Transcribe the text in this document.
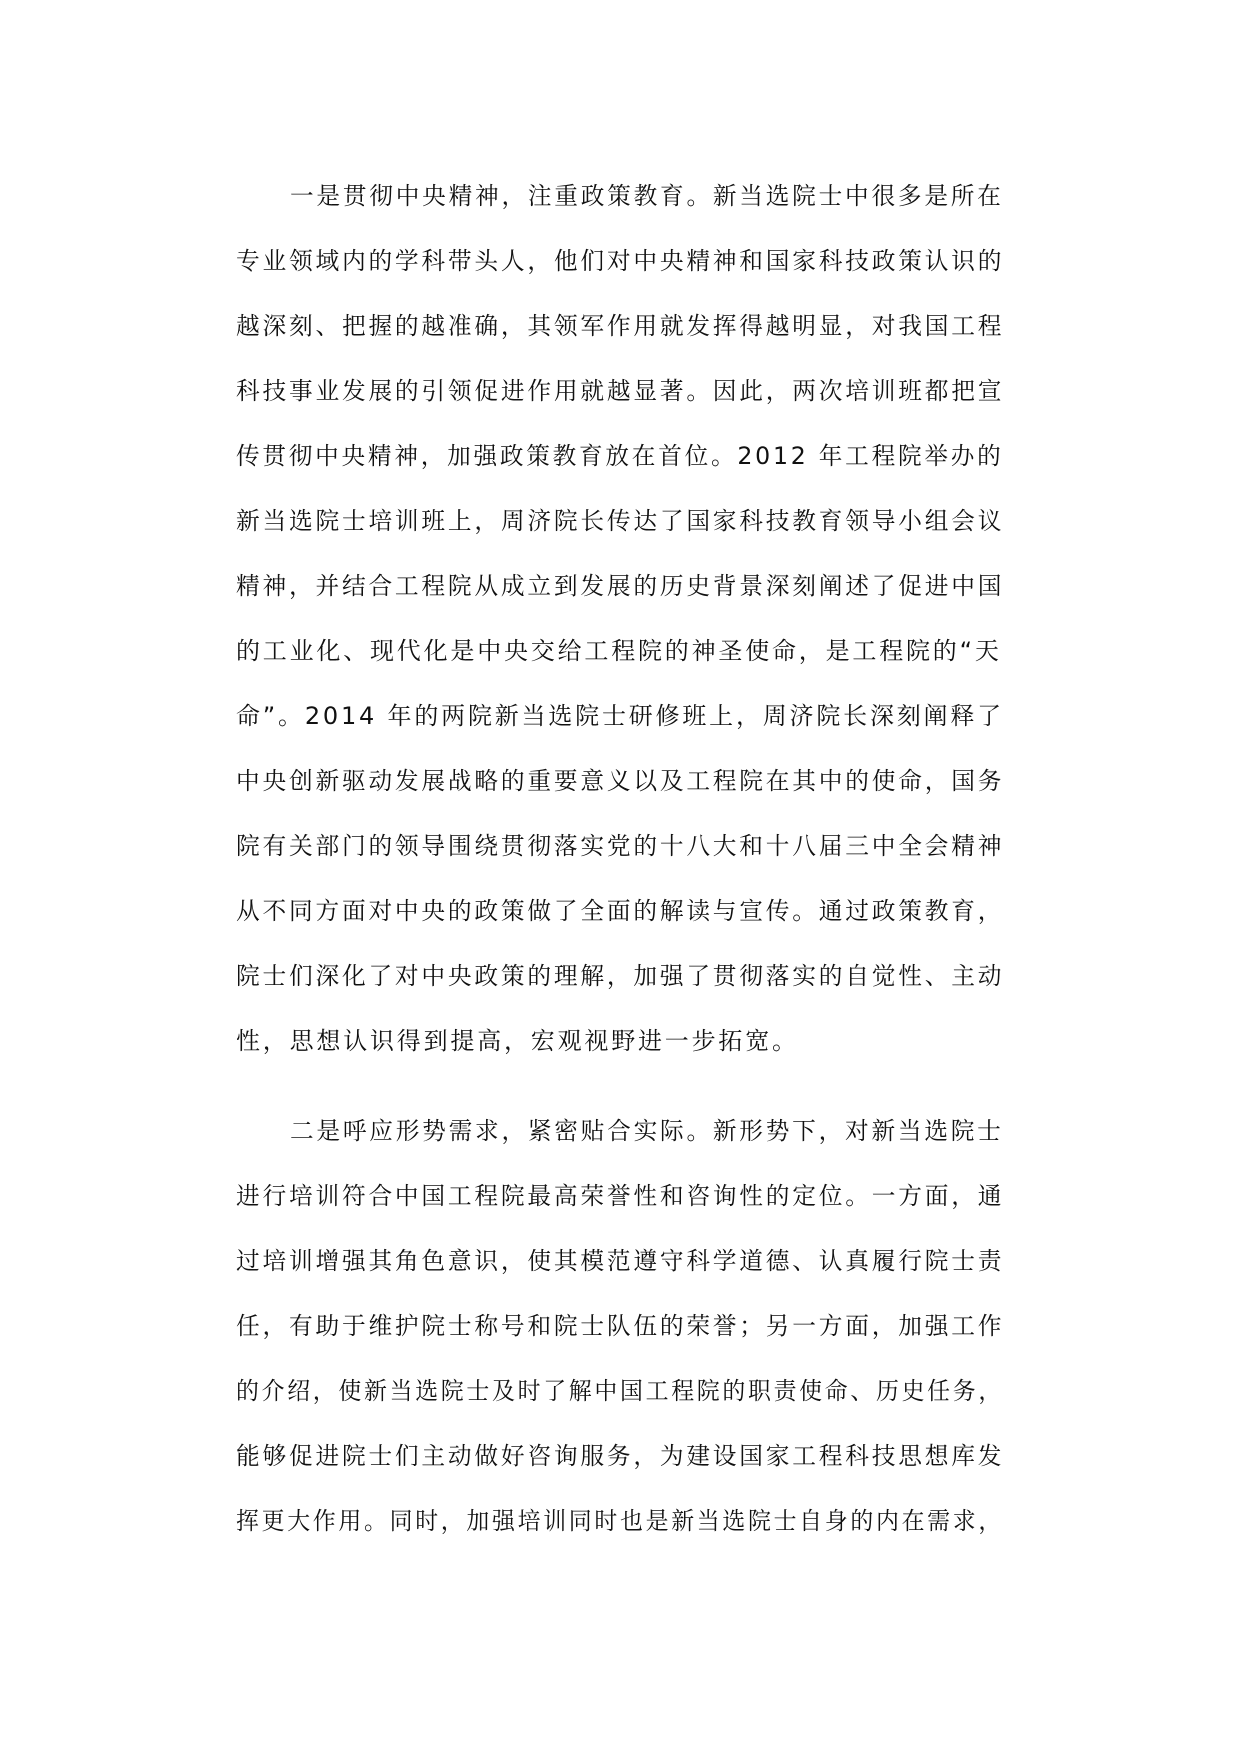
一是贯彻中央精神，注重政策教育。新当选院士中很多是所在
专业领域内的学科带头人，他们对中央精神和国家科技政策认识的
越深刻、把握的越准确，其领军作用就发挥得越明显，对我国工程
科技事业发展的引领促进作用就越显著。因此，两次培训班都把宣
传贯彻中央精神，加强政策教育放在首位。2012 年工程院举办的
新当选院士培训班上，周济院长传达了国家科技教育领导小组会议
精神，并结合工程院从成立到发展的历史背景深刻阐述了促进中国
的工业化、现代化是中央交给工程院的神圣使命，是工程院的“天
命”。2014 年的两院新当选院士研修班上，周济院长深刻阐释了
中央创新驱动发展战略的重要意义以及工程院在其中的使命，国务
院有关部门的领导围绕贯彻落实党的十八大和十八届三中全会精神
从不同方面对中央的政策做了全面的解读与宣传。通过政策教育，
院士们深化了对中央政策的理解，加强了贯彻落实的自觉性、主动
性，思想认识得到提高，宏观视野进一步拓宽。
二是呼应形势需求，紧密贴合实际。新形势下，对新当选院士
进行培训符合中国工程院最高荣誉性和咨询性的定位。一方面，通
过培训增强其角色意识，使其模范遵守科学道德、认真履行院士责
任，有助于维护院士称号和院士队伍的荣誉；另一方面，加强工作
的介绍，使新当选院士及时了解中国工程院的职责使命、历史任务，
能够促进院士们主动做好咨询服务，为建设国家工程科技思想库发
挥更大作用。同时，加强培训同时也是新当选院士自身的内在需求，
